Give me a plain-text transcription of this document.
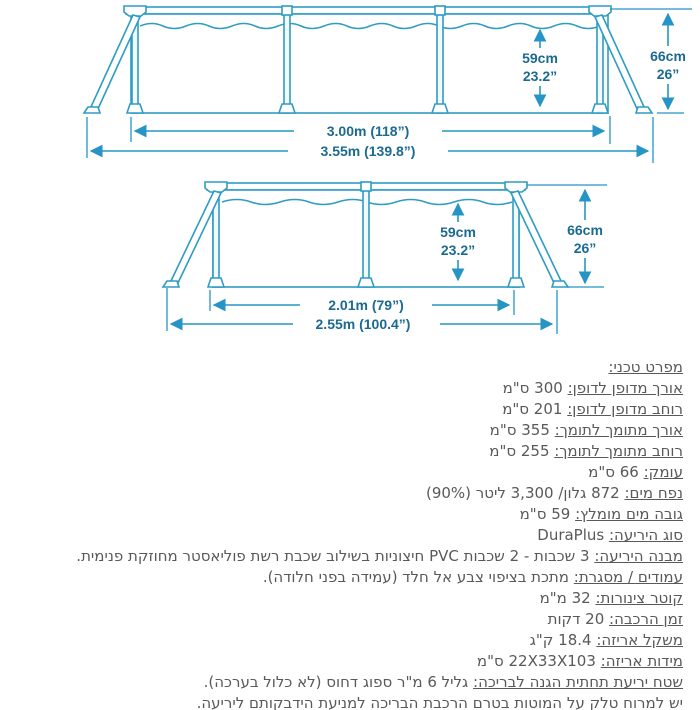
59cm
23.2”
66cm
26”
3.00m (118”)
3.55m (139.8”)
59cm
23.2”
66cm
26”
2.01m (79”)
2.55m (100.4”)
מפרט טכני:
אורך מדופן לדופן: 300 ס"מ
רוחב מדופן לדופן: 201 ס"מ
אורך מתומך לתומך: 355 ס"מ
רוחב מתומך לתומך: 255 ס"מ
עומק: 66 ס"מ
נפח מים: 872 גלון/ 3,300 ליטר (90%)
גובה מים מומלץ: 59 ס"מ
סוג היריעה: DuraPlus
מבנה היריעה: 3 שכבות - 2 שכבות PVC חיצוניות בשילוב שכבת רשת פוליאסטר מחוזקת פנימית.
עמודים / מסגרת: מתכת בציפוי צבע אל חלד (עמידה בפני חלודה).
קוטר צינורות: 32 מ"מ
זמן הרכבה: 20 דקות
משקל אריזה: 18.4 ק"ג
מידות אריזה: 22X33X103 ס"מ
שטח יריעת תחתית הגנה לבריכה: גליל 6 מ"ר ספוג דחוס (לא כלול בערכה).
יש למרוח טלק על המוטות בטרם הרכבת הבריכה למניעת הידבקותם ליריעה.
